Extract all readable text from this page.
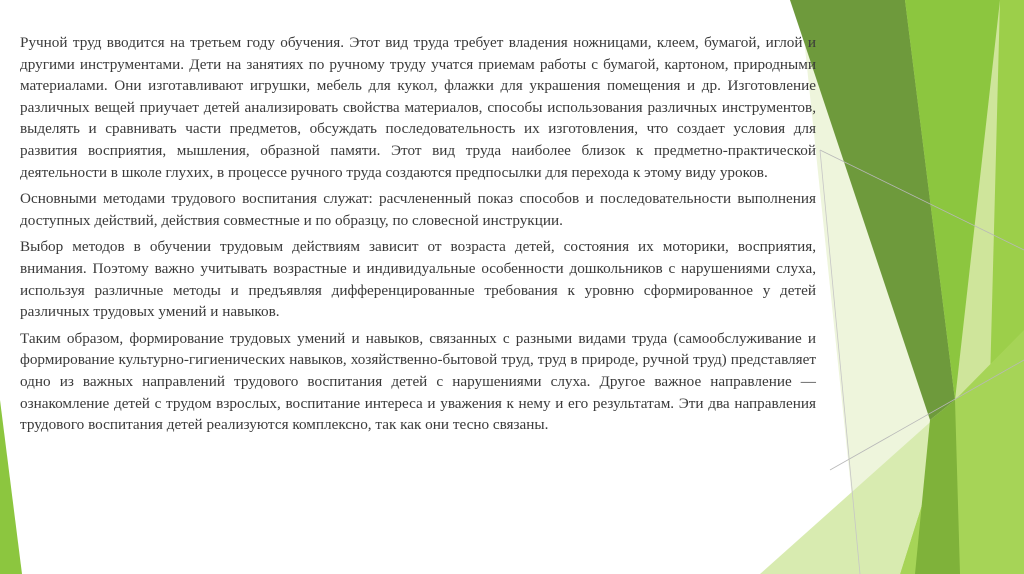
Ручной труд вводится на третьем году обучения. Этот вид труда требует владения ножницами, клеем, бумагой, иглой и другими инструментами. Дети на занятиях по ручному труду учатся приемам работы с бумагой, картоном, природными материалами. Они изготавливают игрушки, мебель для кукол, флажки для украшения помещения и др. Изготовление различных вещей приучает детей анализировать свойства материалов, способы использования различных инструментов, выделять и сравнивать части предметов, обсуждать последовательность их изготовления, что создает условия для развития восприятия, мышления, образной памяти. Этот вид труда наиболее близок к предметно-практической деятельности в школе глухих, в процессе ручного труда создаются предпосылки для перехода к этому виду уроков.

Основными методами трудового воспитания служат: расчлененный показ способов и последовательности выполнения доступных действий, действия совместные и по образцу, по словесной инструкции.

Выбор методов в обучении трудовым действиям зависит от возраста детей, состояния их моторики, восприятия, внимания. Поэтому важно учитывать возрастные и индивидуальные особенности дошкольников с нарушениями слуха, используя различные методы и предъявляя дифференцированные требования к уровню сформированное у детей различных трудовых умений и навыков.

Таким образом, формирование трудовых умений и навыков, связанных с разными видами труда (самообслуживание и формирование культурно-гигиенических навыков, хозяйственно-бытовой труд, труд в природе, ручной труд) представляет одно из важных направлений трудового воспитания детей с нарушениями слуха. Другое важное направление — ознакомление детей с трудом взрослых, воспитание интереса и уважения к нему и его результатам. Эти два направления трудового воспитания детей реализуются комплексно, так как они тесно связаны.
